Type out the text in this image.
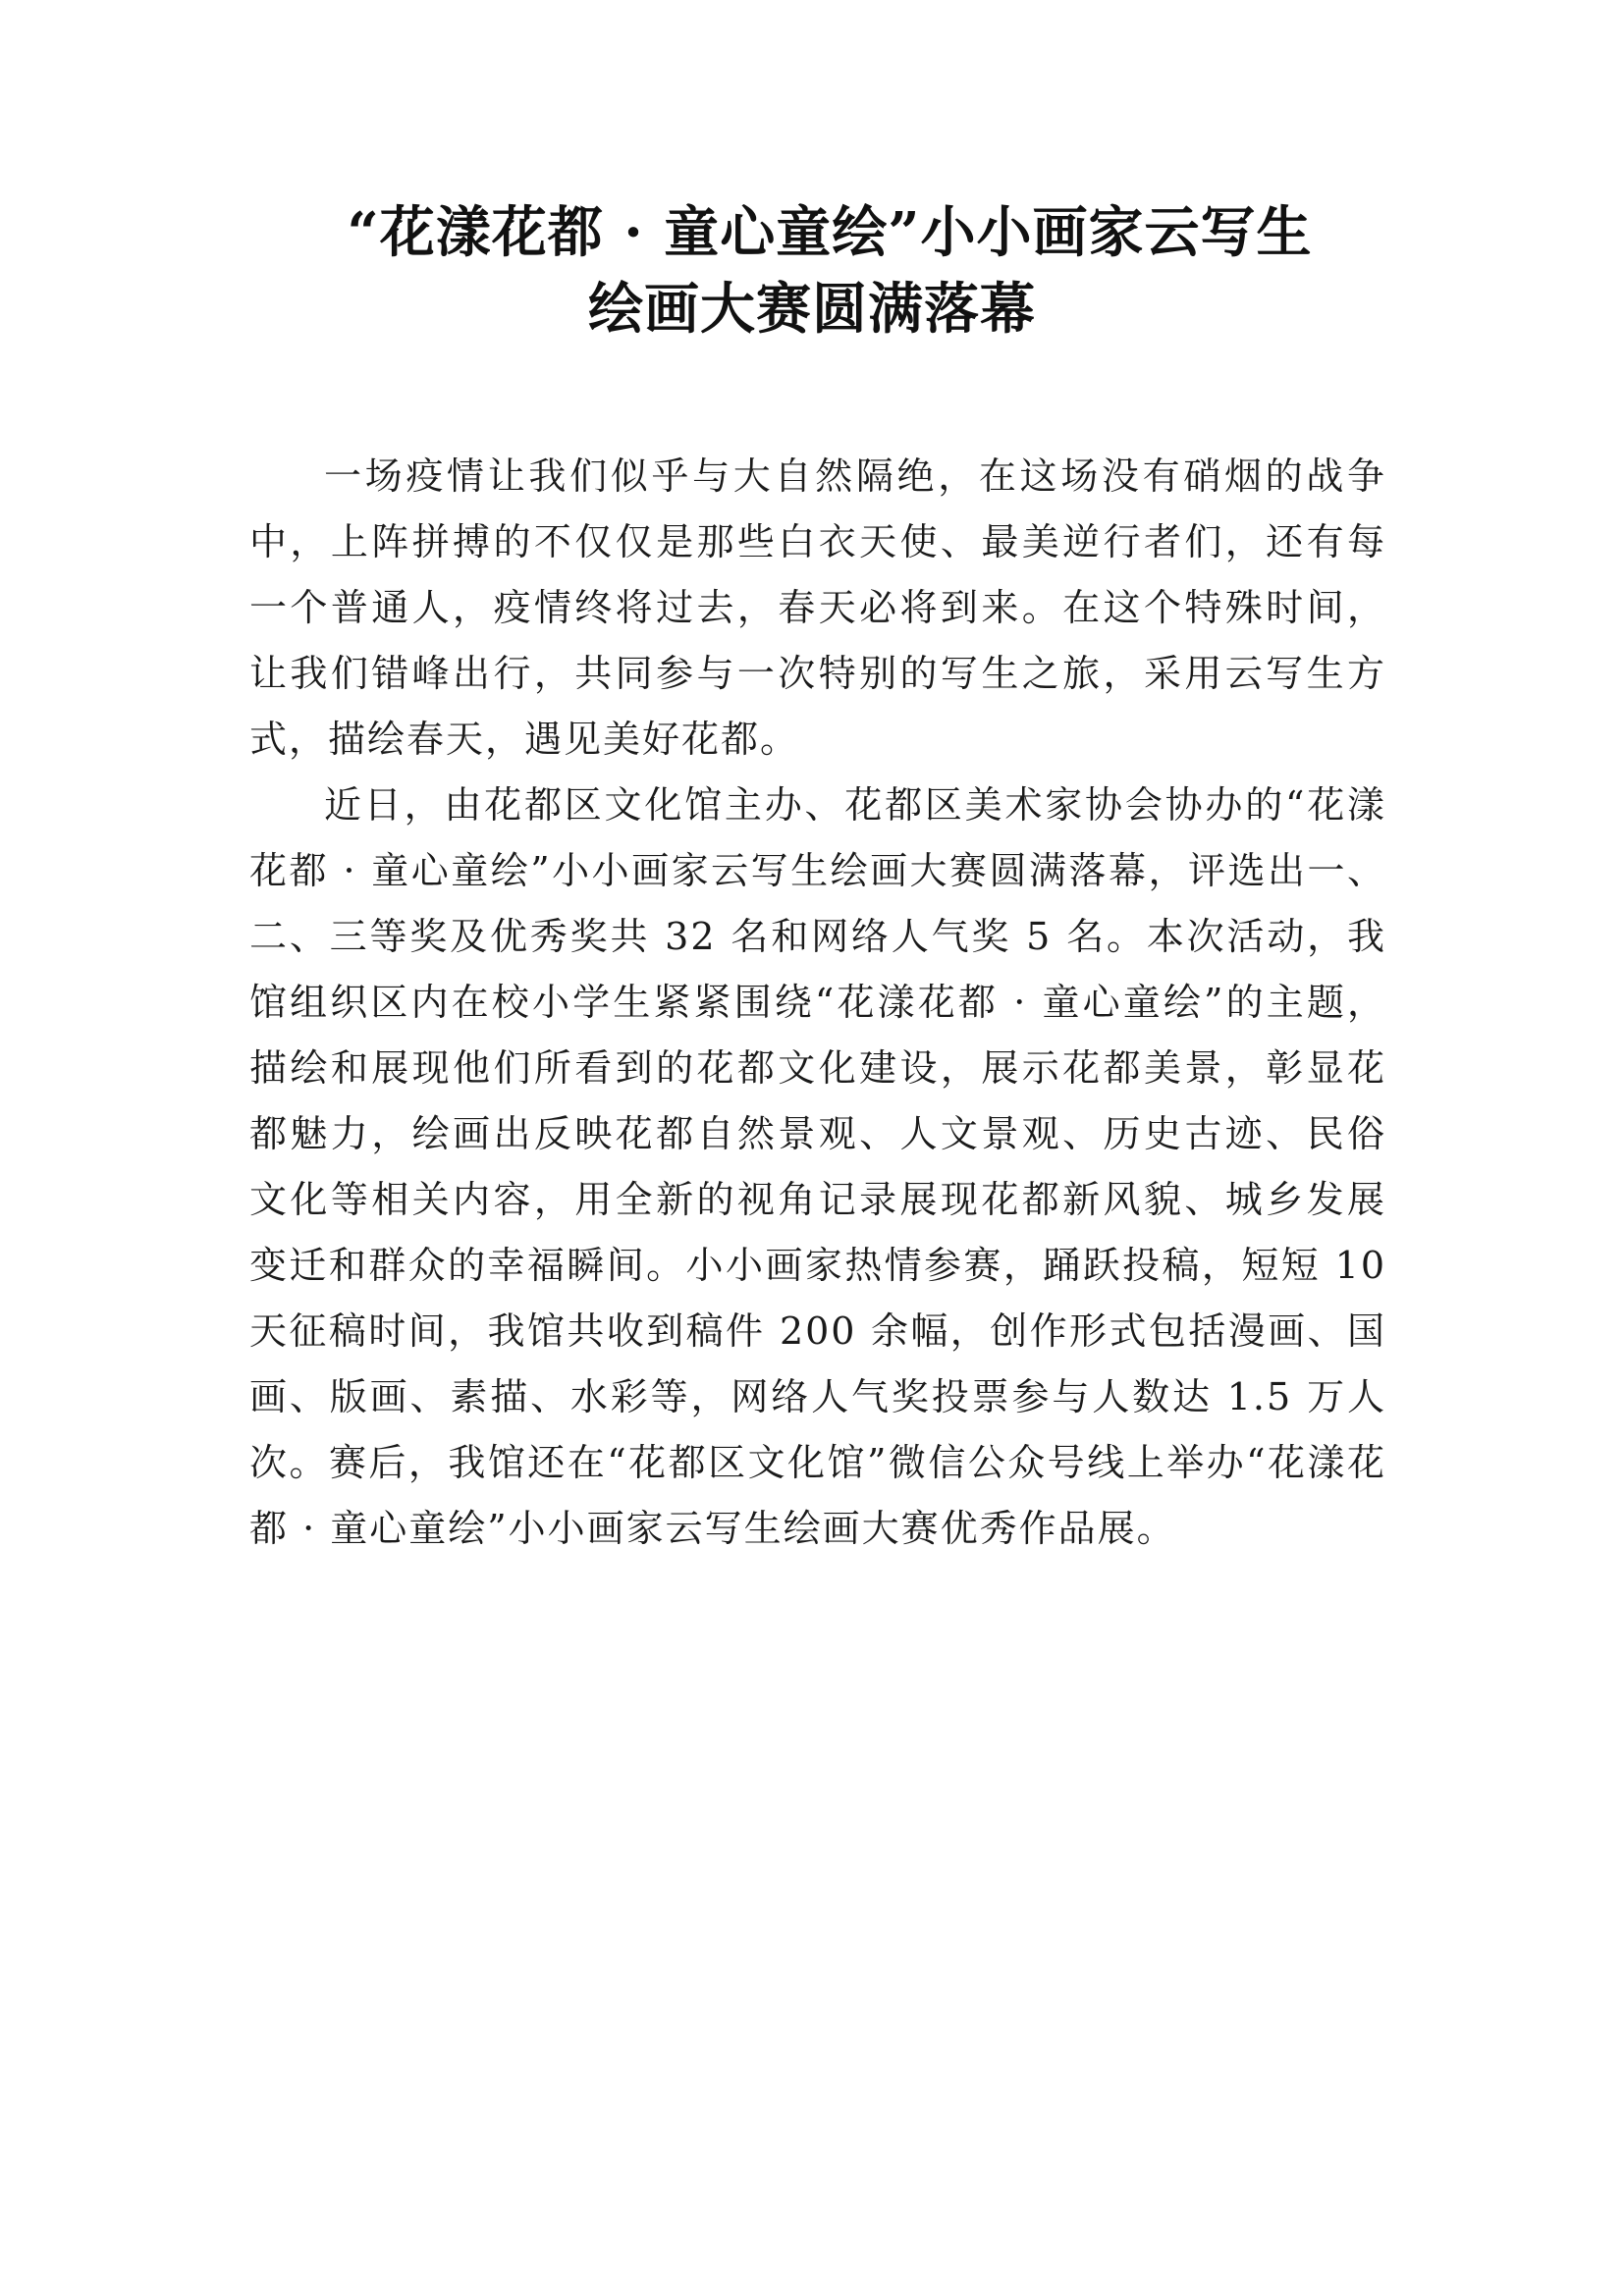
“花漾花都 · 童心童绘”小小画家云写生
绘画大赛圆满落幕

一场疫情让我们似乎与大自然隔绝，在这场没有硝烟的战争中，上阵拼搏的不仅仅是那些白衣天使、最美逆行者们，还有每一个普通人，疫情终将过去，春天必将到来。在这个特殊时间，让我们错峰出行，共同参与一次特别的写生之旅，采用云写生方式，描绘春天，遇见美好花都。

近日，由花都区文化馆主办、花都区美术家协会协办的“花漾花都 · 童心童绘”小小画家云写生绘画大赛圆满落幕，评选出一、二、三等奖及优秀奖共 32 名和网络人气奖 5 名。本次活动，我馆组织区内在校小学生紧紧围绕“花漾花都 · 童心童绘”的主题，描绘和展现他们所看到的花都文化建设，展示花都美景，彰显花都魅力，绘画出反映花都自然景观、人文景观、历史古迹、民俗文化等相关内容，用全新的视角记录展现花都新风貌、城乡发展变迁和群众的幸福瞬间。小小画家热情参赛，踊跃投稿，短短 10 天征稿时间，我馆共收到稿件 200 余幅，创作形式包括漫画、国画、版画、素描、水彩等，网络人气奖投票参与人数达 1.5 万人次。赛后，我馆还在“花都区文化馆”微信公众号线上举办“花漾花都 · 童心童绘”小小画家云写生绘画大赛优秀作品展。
